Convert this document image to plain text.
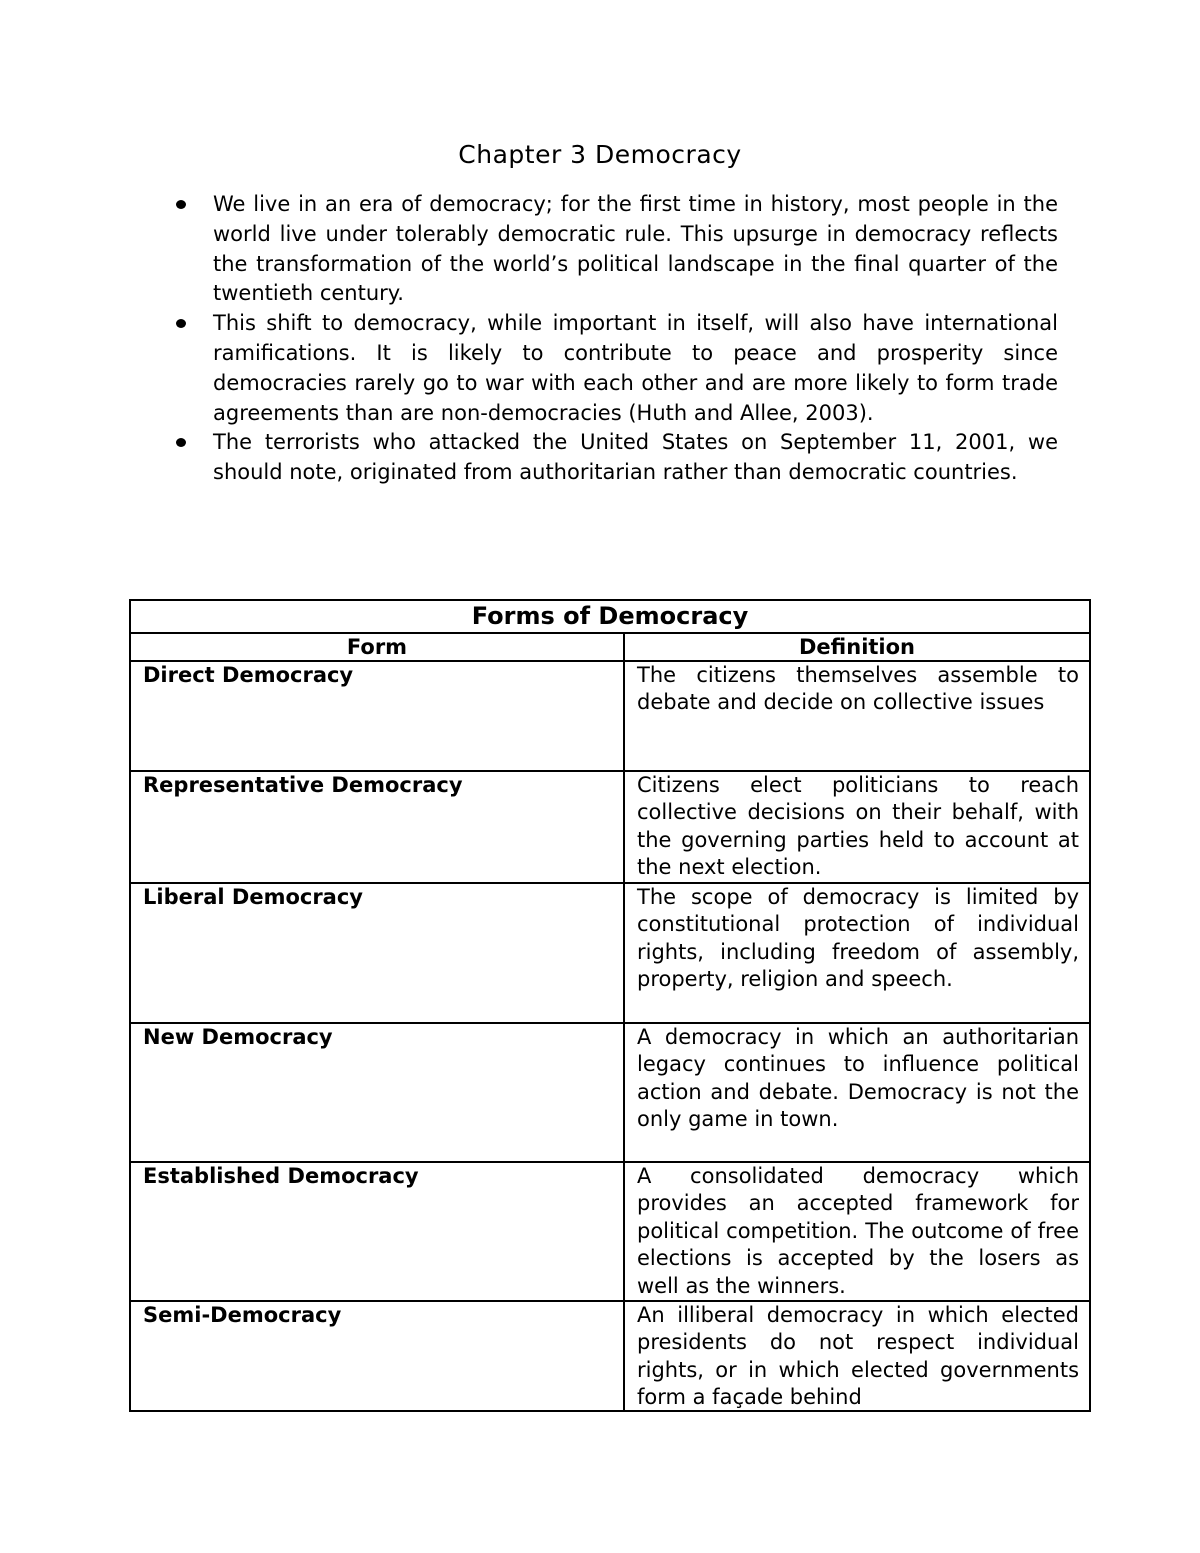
Chapter 3 Democracy
We live in an era of democracy; for the first time in history, most people in the world live under tolerably democratic rule. This upsurge in democracy reflects the transformation of the world’s political landscape in the final quarter of the twentieth century.
This shift to democracy, while important in itself, will also have international ramifications. It is likely to contribute to peace and prosperity since democracies rarely go to war with each other and are more likely to form trade agreements than are non-democracies (Huth and Allee, 2003).
The terrorists who attacked the United States on September 11, 2001, we should note, originated from authoritarian rather than democratic countries.
Forms of Democracy	
Form	Definition
Direct Democracy	The citizens themselves assemble to debate and decide on collective issues
Representative Democracy	Citizens elect politicians to reach collective decisions on their behalf, with the governing parties held to account at the next election.
Liberal Democracy	The scope of democracy is limited by constitutional protection of individual rights, including freedom of assembly, property, religion and speech.
New Democracy	A democracy in which an authoritarian legacy continues to influence political action and debate. Democracy is not the only game in town.
Established Democracy	A consolidated democracy which provides an accepted framework for political competition. The outcome of free elections is accepted by the losers as well as the winners.
Semi-Democracy	An illiberal democracy in which elected presidents do not respect individual rights, or in which elected governments form a façade behind
